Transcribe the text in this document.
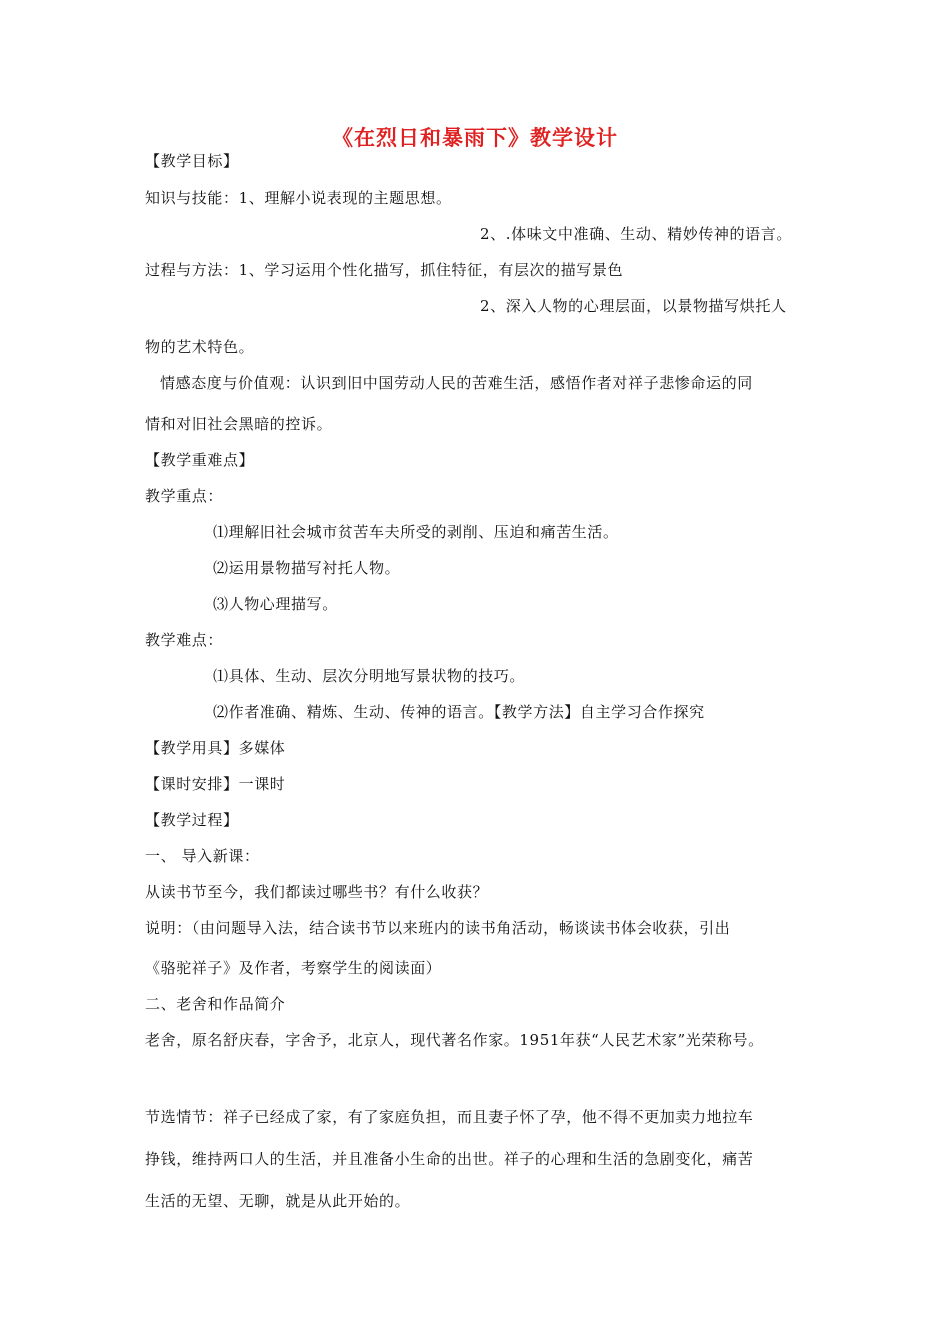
《在烈日和暴雨下》教学设计
【教学目标】
知识与技能：1、理解小说表现的主题思想。
2、.体味文中准确、生动、精妙传神的语言。
过程与方法：1、学习运用个性化描写，抓住特征，有层次的描写景色
2、深入人物的心理层面，以景物描写烘托人
物的艺术特色。
情感态度与价值观：认识到旧中国劳动人民的苦难生活，感悟作者对祥子悲惨命运的同
情和对旧社会黑暗的控诉。
【教学重难点】
教学重点：
⑴理解旧社会城市贫苦车夫所受的剥削、压迫和痛苦生活。
⑵运用景物描写衬托人物。
⑶人物心理描写。
教学难点：
⑴具体、生动、层次分明地写景状物的技巧。
⑵作者准确、精炼、生动、传神的语言。【教学方法】自主学习合作探究
【教学用具】多媒体
【课时安排】一课时
【教学过程】
一、 导入新课：
从读书节至今，我们都读过哪些书？有什么收获？
说明：（由问题导入法，结合读书节以来班内的读书角活动，畅谈读书体会收获，引出
《骆驼祥子》及作者，考察学生的阅读面）
二、老舍和作品简介
老舍，原名舒庆春，字舍予，北京人，现代著名作家。1951年获“人民艺术家”光荣称号。
节选情节：祥子已经成了家，有了家庭负担，而且妻子怀了孕，他不得不更加卖力地拉车
挣钱，维持两口人的生活，并且准备小生命的出世。祥子的心理和生活的急剧变化，痛苦
生活的无望、无聊，就是从此开始的。
